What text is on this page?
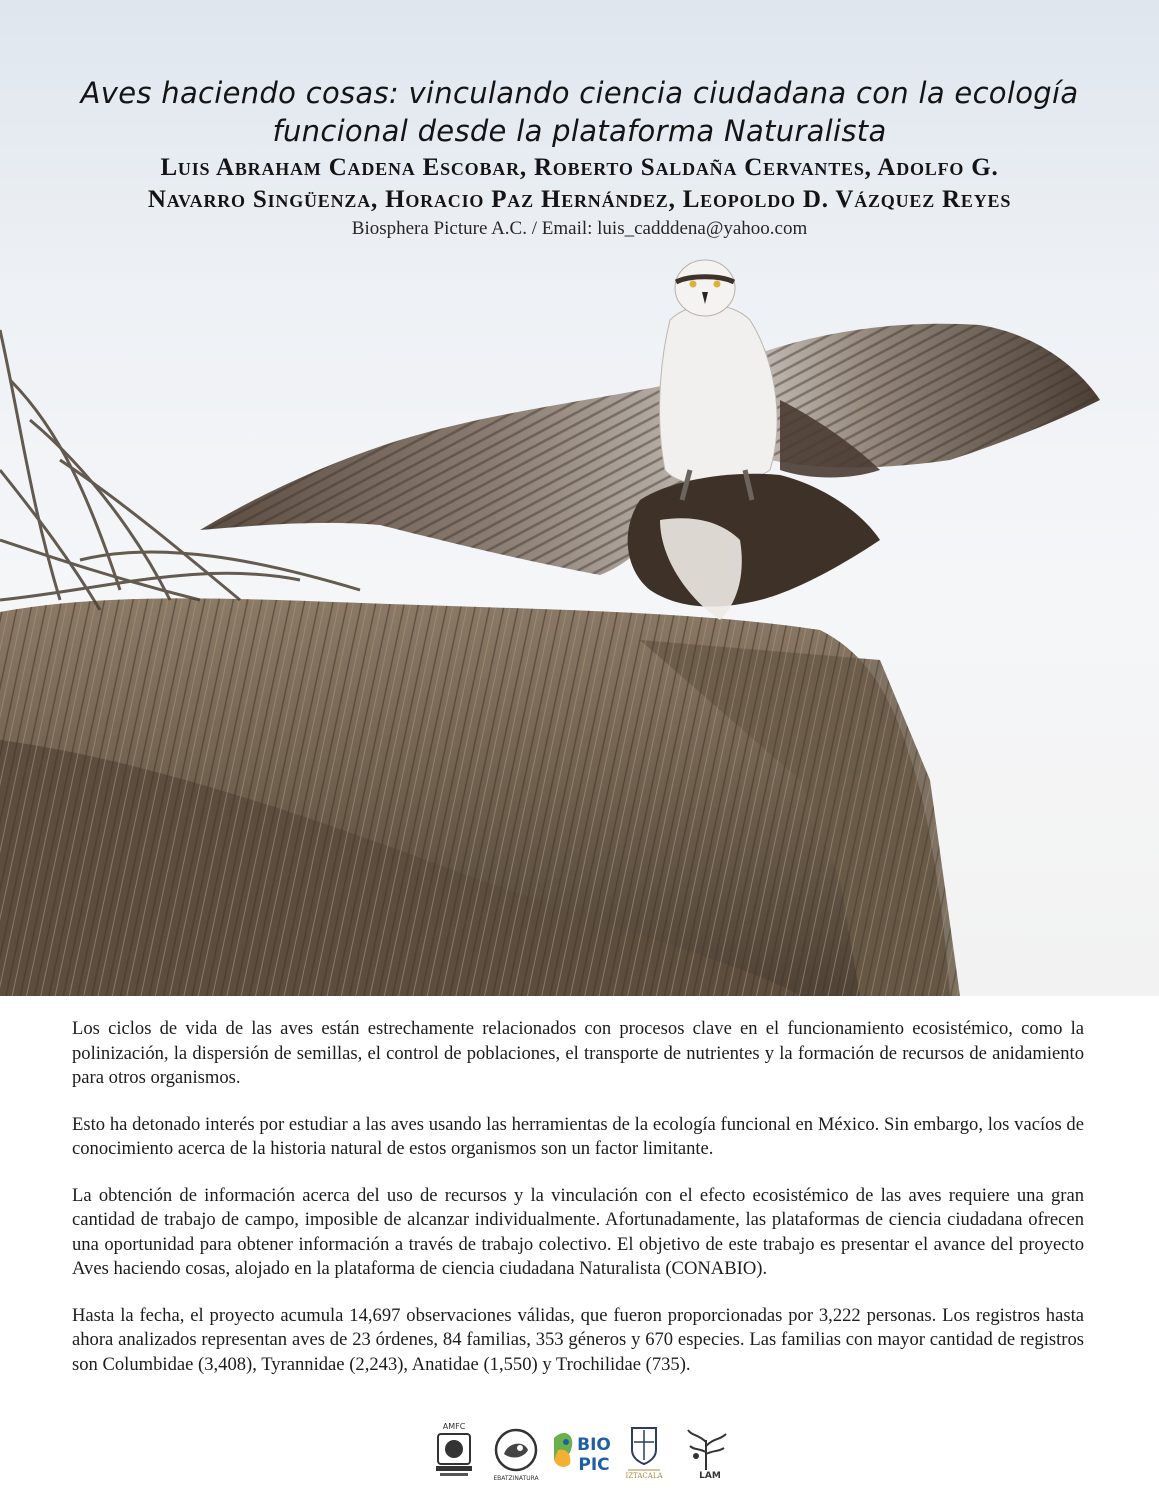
Aves haciendo cosas: vinculando ciencia ciudadana con la ecología funcional desde la plataforma Naturalista
Luis Abraham Cadena Escobar, Roberto Saldaña Cervantes, Adolfo G.
Navarro Singüenza, Horacio Paz Hernández, Leopoldo D. Vázquez Reyes
Biosphera Picture A.C. / Email: luis_cadddena@yahoo.com

Los ciclos de vida de las aves están estrechamente relacionados con procesos clave en el funcionamiento ecosistémico, como la polinización, la dispersión de semillas, el control de poblaciones, el transporte de nutrientes y la formación de recursos de anidamiento para otros organismos.

Esto ha detonado interés por estudiar a las aves usando las herramientas de la ecología funcional en México. Sin embargo, los vacíos de conocimiento acerca de la historia natural de estos organismos son un factor limitante.

La obtención de información acerca del uso de recursos y la vinculación con el efecto ecosistémico de las aves requiere una gran cantidad de trabajo de campo, imposible de alcanzar individualmente. Afortunadamente, las plataformas de ciencia ciudadana ofrecen una oportunidad para obtener información a través de trabajo colectivo. El objetivo de este trabajo es presentar el avance del proyecto Aves haciendo cosas, alojado en la plataforma de ciencia ciudadana Naturalista (CONABIO).

Hasta la fecha, el proyecto acumula 14,697 observaciones válidas, que fueron proporcionadas por 3,222 personas. Los registros hasta ahora analizados representan aves de 23 órdenes, 84 familias, 353 géneros y 670 especies. Las familias con mayor cantidad de registros son Columbidae (3,408), Tyrannidae (2,243), Anatidae (1,550) y Trochilidae (735).

AMFC
EBATZINATURA
BIO
PIC
IZTACALA	LAM
